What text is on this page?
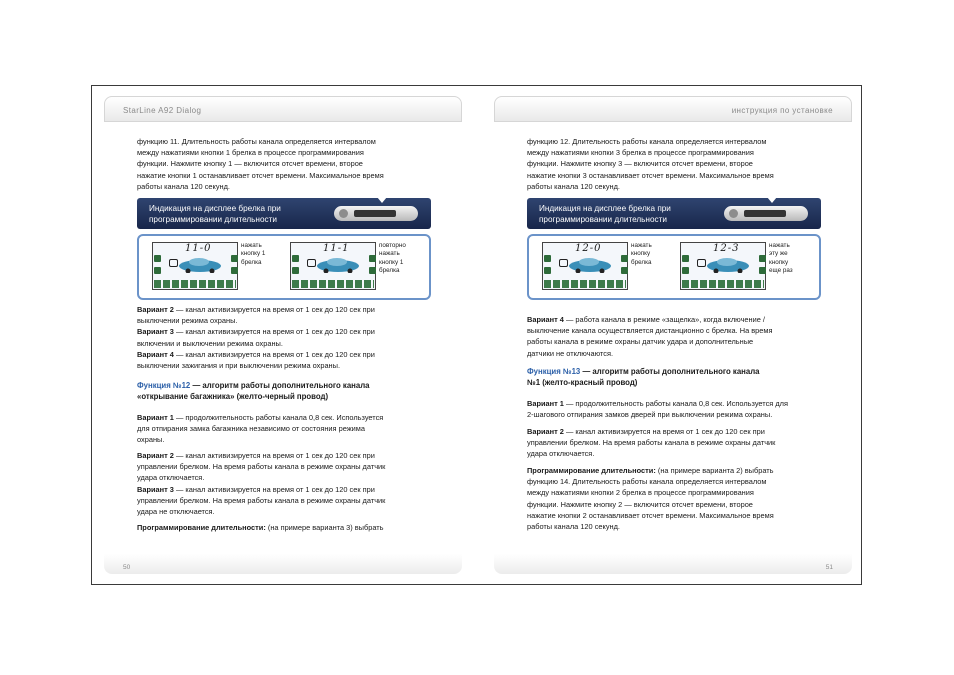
StarLine A92 Dialog

функцию 11. Длительность работы канала определяется интервалом

между нажатиями кнопки 1 брелка в процессе программирования

функции. Нажмите кнопку 1 — включится отсчет времени, второе

нажатие кнопки 1 останавливает отсчет времени. Максимальное время

работы канала 120 секунд.

Индикация на дисплее брелка при
программировании длительности
11-0	нажать
кнопку 1
брелка
11-1	повторно
нажать
кнопку 1
брелка

Вариант 2 — канал активизируется на время от 1 сек до 120 сек при

выключении режима охраны.

Вариант 3 — канал активизируется на время от 1 сек до 120 сек при

включении и выключении режима охраны.

Вариант 4 — канал активизируется на время от 1 сек до 120 сек при

выключении зажигания и при выключении режима охраны.

Функция №12 — алгоритм работы дополнительного канала

«открывание багажника» (желто-черный провод)

Вариант 1 — продолжительность работы канала 0,8 сек. Используется

для отпирания замка багажника независимо от состояния режима

охраны.

Вариант 2 — канал активизируется на время от 1 сек до 120 сек при

управлении брелком. На время работы канала в режиме охраны датчик

удара отключается.

Вариант 3 — канал активизируется на время от 1 сек до 120 сек при

управлении брелком. На время работы канала в режиме охраны датчик

удара не отключается.

Программирование длительности: (на примере варианта 3) выбрать

50
инструкция по установке

функцию 12. Длительность работы канала определяется интервалом

между нажатиями кнопки 3 брелка в процессе программирования

функции. Нажмите кнопку 3 — включится отсчет времени, второе

нажатие кнопки 3 останавливает отсчет времени. Максимальное время

работы канала 120 секунд.

Индикация на дисплее брелка при
программировании длительности
12-0	нажать
кнопку
брелка
12-3	нажать
эту же
кнопку
еще раз

Вариант 4 — работа канала в режиме «защелка», когда включение /

выключение канала осуществляется дистанционно с брелка. На время

работы канала в режиме охраны датчик удара и дополнительные

датчики не отключаются.

Функция №13 — алгоритм работы дополнительного канала

№1 (желто-красный провод)

Вариант 1 — продолжительность работы канала 0,8 сек. Используется для

2-шагового отпирания замков дверей при выключении режима охраны.

Вариант 2 — канал активизируется на время от 1 сек до 120 сек при

управлении брелком. На время работы канала в режиме охраны датчик

удара отключается.

Программирование длительности: (на примере варианта 2) выбрать

функцию 14. Длительность работы канала определяется интервалом

между нажатиями кнопки 2 брелка в процессе программирования

функции. Нажмите кнопку 2 — включится отсчет времени, второе

нажатие кнопки 2 останавливает отсчет времени. Максимальное время

работы канала 120 секунд.

51
